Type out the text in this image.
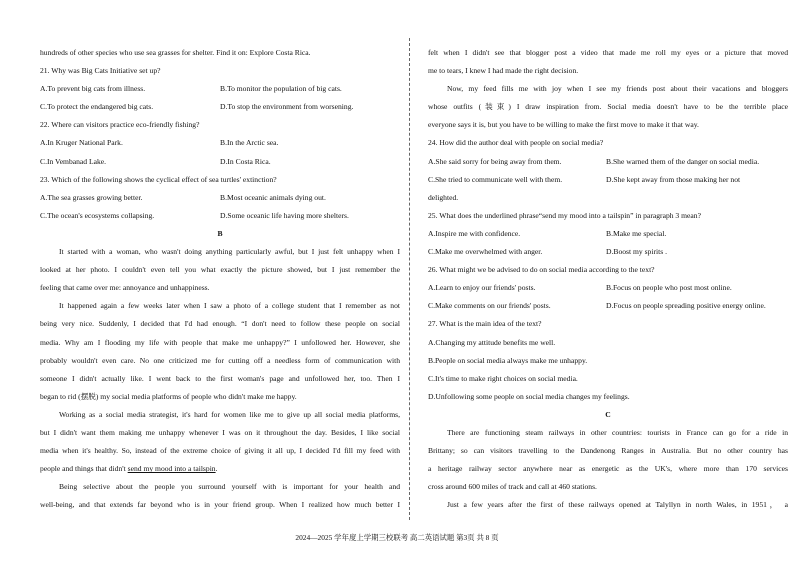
hundreds of other species who use sea grasses for shelter. Find it on: Explore Costa Rica.
21. Why was Big Cats Initiative set up?
A.To prevent big cats from illness.	B.To monitor the population of big cats.
C.To protect the endangered big cats.	D.To stop the environment from worsening.
22. Where can visitors practice eco-friendly fishing?
A.In Kruger National Park.	B.In the Arctic sea.
C.In Vembanad Lake.	D.In Costa Rica.
23. Which of the following shows the cyclical effect of sea turtles' extinction?
A.The sea grasses growing better.	B.Most oceanic animals dying out.
C.The ocean's ecosystems collapsing.	D.Some oceanic life having more shelters.
B
It started with a woman, who wasn't doing anything particularly awful, but I just felt unhappy when I
looked at her photo. I couldn't even tell you what exactly the picture showed, but I just remember the
feeling that came over me: annoyance and unhappiness.
It happened again a few weeks later when I saw a photo of a college student that I remember as not
being very nice. Suddenly, I decided that I'd had enough. “I don't need to follow these people on social
media. Why am I flooding my life with people that make me unhappy?” I unfollowed her. However, she
probably wouldn't even care. No one criticized me for cutting off a needless form of communication with
someone I didn't actually like. I went back to the first woman's page and unfollowed her, too. Then I
began to rid (摆脱) my social media platforms of people who didn't make me happy.
Working as a social media strategist, it's hard for women like me to give up all social media platforms,
but I didn't want them making me unhappy whenever I was on it throughout the day. Besides, I like social
media when it's healthy. So, instead of the extreme choice of giving it all up, I decided I'd fill my feed with
people and things that didn't send my mood into a tailspin.
Being selective about the people you surround yourself with is important for your health and
well-being, and that extends far beyond who is in your friend group. When I realized how much better I
felt when I didn't see that blogger post a video that made me roll my eyes or a picture that moved
me to tears, I knew I had made the right decision.
Now, my feed fills me with joy when I see my friends post about their vacations and bloggers
whose outfits (装束) I draw inspiration from. Social media doesn't have to be the terrible place
everyone says it is, but you have to be willing to make the first move to make it that way.
24. How did the author deal with people on social media?
A.She said sorry for being away from them.	B.She warned them of the danger on social media.
C.She tried to communicate well with them.	D.She kept away from those making her not
delighted.
25. What does the underlined phrase“send my mood into a tailspin” in paragraph 3 mean?
A.Inspire me with confidence.	B.Make me special.
C.Make me overwhelmed with anger.	D.Boost my spirits .
26. What might we be advised to do on social media according to the text?
A.Learn to enjoy our friends' posts.	B.Focus on people who post most online.
C.Make comments on our friends' posts.	D.Focus on people spreading positive energy online.
27. What is the main idea of the text?
A.Changing my attitude benefits me well.
B.People on social media always make me unhappy.
C.It's time to make right choices on social media.
D.Unfollowing some people on social media changes my feelings.
C
There are functioning steam railways in other countries: tourists in France can go for a ride in
Brittany; so can visitors travelling to the Dandenong Ranges in Australia. But no other country has
a heritage railway sector anywhere near as energetic as the UK's, where more than 170 services
cross around 600 miles of track and call at 460 stations.
Just a few years after the first of these railways opened at Talyllyn in north Wales, in 1951， a
2024—2025 学年度上学期三校联考 高二英语试题 第3页 共 8 页
